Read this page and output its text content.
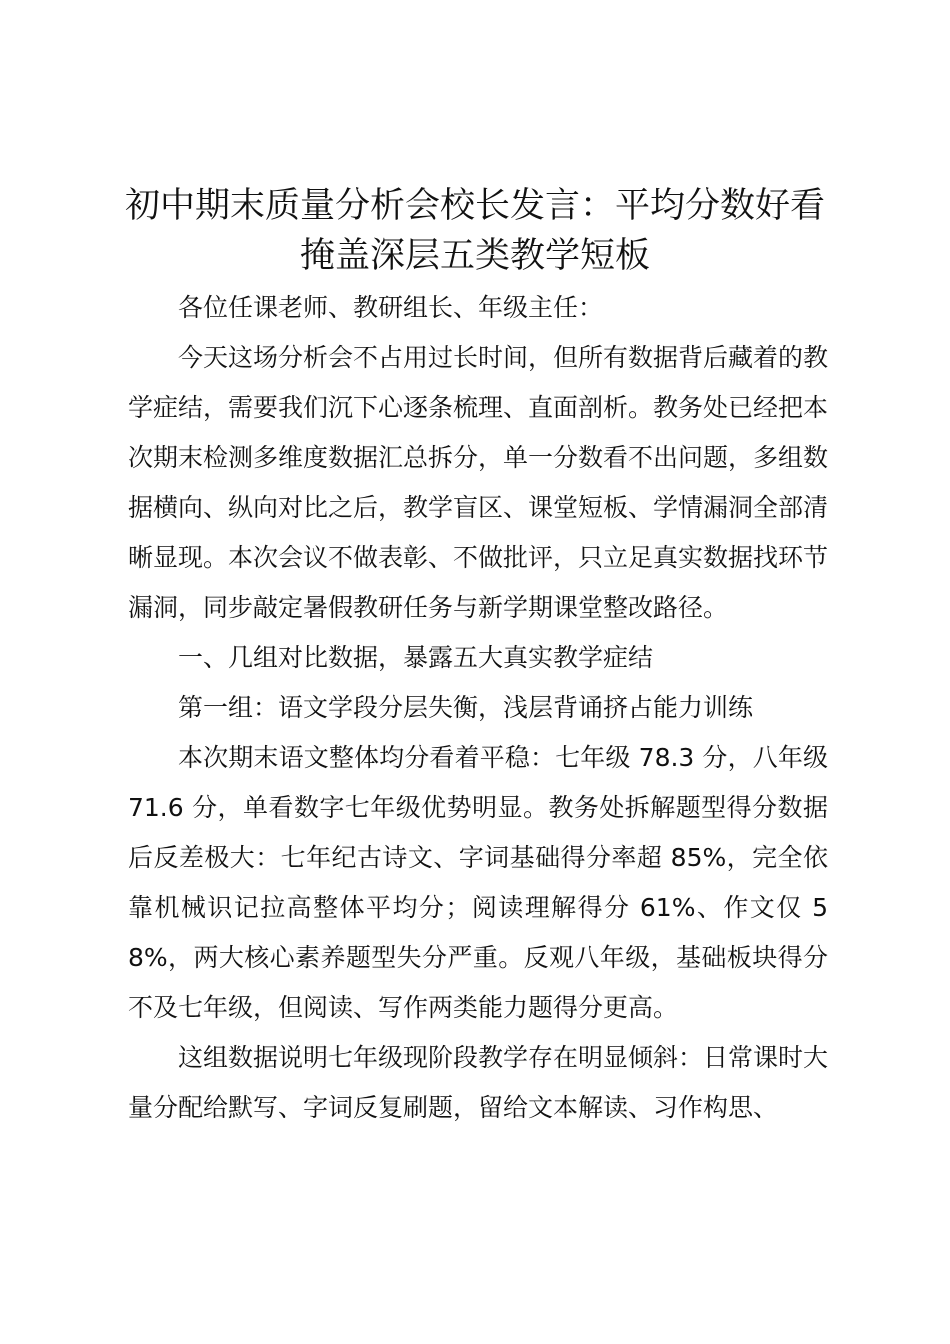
初中期末质量分析会校长发言：平均分数好看
掩盖深层五类教学短板

各位任课老师、教研组长、年级主任：

今天这场分析会不占用过长时间，但所有数据背后藏着的教学症结，需要我们沉下心逐条梳理、直面剖析。教务处已经把本次期末检测多维度数据汇总拆分，单一分数看不出问题，多组数据横向、纵向对比之后，教学盲区、课堂短板、学情漏洞全部清晰显现。本次会议不做表彰、不做批评，只立足真实数据找环节漏洞，同步敲定暑假教研任务与新学期课堂整改路径。

一、几组对比数据，暴露五大真实教学症结

第一组：语文学段分层失衡，浅层背诵挤占能力训练

本次期末语文整体均分看着平稳：七年级 78.3 分，八年级 71.6 分，单看数字七年级优势明显。教务处拆解题型得分数据后反差极大：七年纪古诗文、字词基础得分率超 85%，完全依靠机械识记拉高整体平均分；阅读理解得分 61%、作文仅 58%，两大核心素养题型失分严重。反观八年级，基础板块得分不及七年级，但阅读、写作两类能力题得分更高。

这组数据说明七年级现阶段教学存在明显倾斜：日常课时大量分配给默写、字词反复刷题，留给文本解读、习作构思、
